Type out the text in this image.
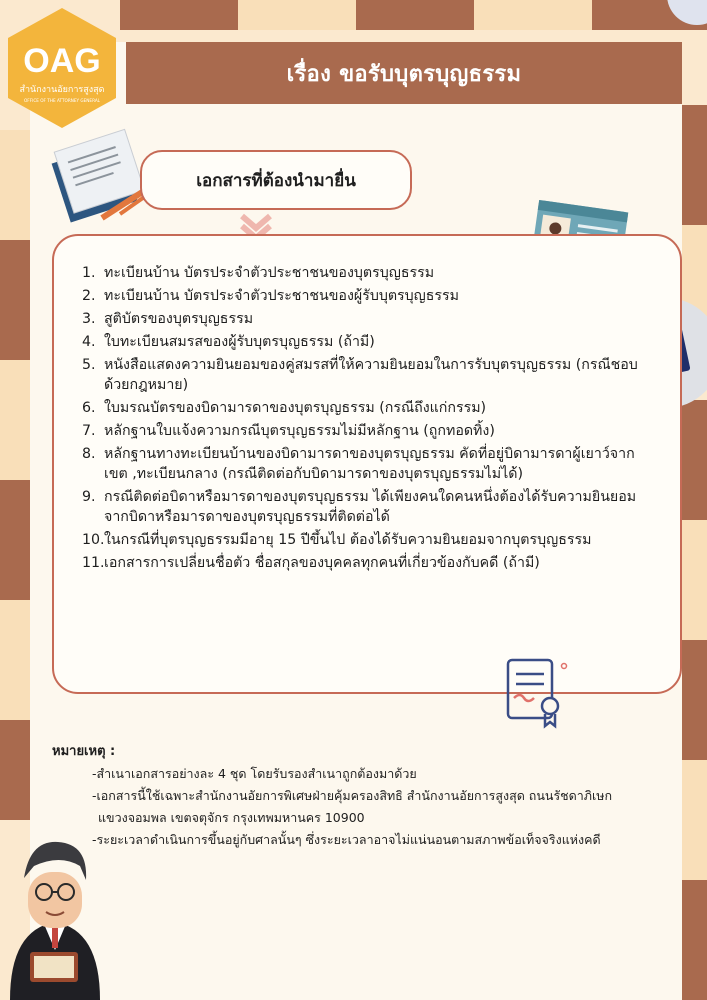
เรื่อง ขอรับบุตรบุญธรรม
OAG
สำนักงานอัยการสูงสุด
OFFICE OF THE ATTORNEY GENERAL
เอกสารที่ต้องนำมายื่น
1. ทะเบียนบ้าน บัตรประจำตัวประชาชนของบุตรบุญธรรม
2. ทะเบียนบ้าน บัตรประจำตัวประชาชนของผู้รับบุตรบุญธรรม
3. สูติบัตรของบุตรบุญธรรม
4. ใบทะเบียนสมรสของผู้รับบุตรบุญธรรม (ถ้ามี)
5. หนังสือแสดงความยินยอมของคู่สมรสที่ให้ความยินยอมในการรับบุตรบุญธรรม (กรณีชอบด้วยกฎหมาย)
6. ใบมรณบัตรของบิดามารดาของบุตรบุญธรรม (กรณีถึงแก่กรรม)
7. หลักฐานใบแจ้งความกรณีบุตรบุญธรรมไม่มีหลักฐาน (ถูกทอดทิ้ง)
8. หลักฐานทางทะเบียนบ้านของบิดามารดาของบุตรบุญธรรม คัดที่อยู่บิดามารดาผู้เยาว์จากเขต ,ทะเบียนกลาง (กรณีติดต่อกับบิดามารดาของบุตรบุญธรรมไม่ได้)
9. กรณีติดต่อบิดาหรือมารดาของบุตรบุญธรรม ได้เพียงคนใดคนหนึ่งต้องได้รับความยินยอมจากบิดาหรือมารดาของบุตรบุญธรรมที่ติดต่อได้
10. ในกรณีที่บุตรบุญธรรมมีอายุ 15 ปีขึ้นไป ต้องได้รับความยินยอมจากบุตรบุญธรรม
11. เอกสารการเปลี่ยนชื่อตัว ชื่อสกุลของบุคคลทุกคนที่เกี่ยวข้องกับคดี (ถ้ามี)
หมายเหตุ :
-สำเนาเอกสารอย่างละ 4 ชุด โดยรับรองสำเนาถูกต้องมาด้วย
-เอกสารนี้ใช้เฉพาะสำนักงานอัยการพิเศษฝ่ายคุ้มครองสิทธิ สำนักงานอัยการสูงสุด ถนนรัชดาภิเษก
แขวงจอมพล เขตจตุจักร กรุงเทพมหานคร 10900
-ระยะเวลาดำเนินการขึ้นอยู่กับศาลนั้นๆ ซึ่งระยะเวลาอาจไม่แน่นอนตามสภาพข้อเท็จจริงแห่งคดี
